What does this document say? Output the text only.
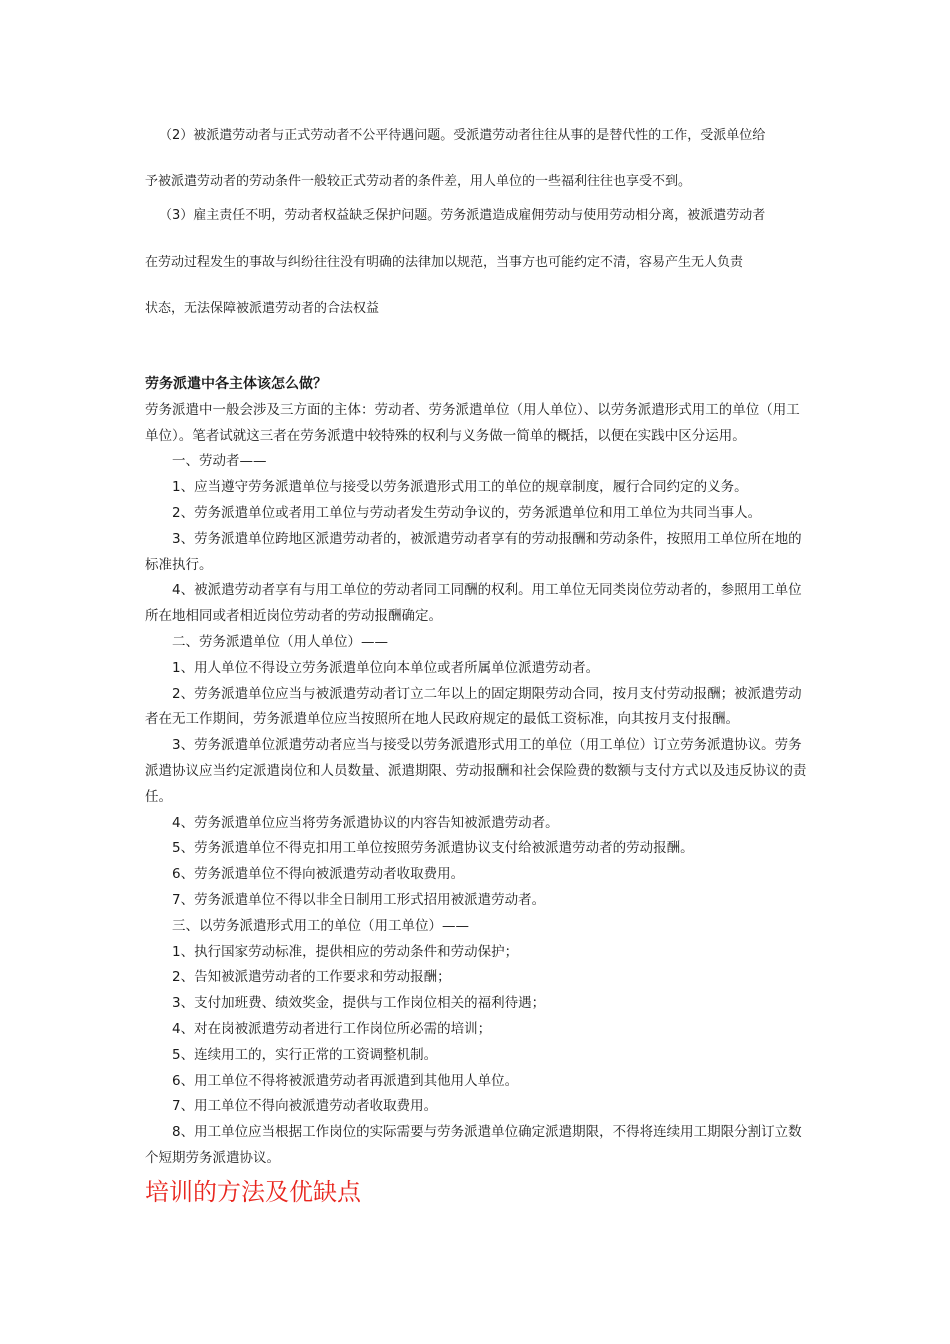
（2）被派遣劳动者与正式劳动者不公平待遇问题。受派遣劳动者往往从事的是替代性的工作，受派单位给

予被派遣劳动者的劳动条件一般较正式劳动者的条件差，用人单位的一些福利往往也享受不到。

（3）雇主责任不明，劳动者权益缺乏保护问题。劳务派遣造成雇佣劳动与使用劳动相分离，被派遣劳动者

在劳动过程发生的事故与纠纷往往没有明确的法律加以规范，当事方也可能约定不清，容易产生无人负责

状态，无法保障被派遣劳动者的合法权益

劳务派遣中各主体该怎么做？

劳务派遣中一般会涉及三方面的主体：劳动者、劳务派遣单位（用人单位）、以劳务派遣形式用工的单位（用工单位）。笔者试就这三者在劳务派遣中较特殊的权利与义务做一简单的概括，以便在实践中区分运用。

一、劳动者——

1、应当遵守劳务派遣单位与接受以劳务派遣形式用工的单位的规章制度，履行合同约定的义务。

2、劳务派遣单位或者用工单位与劳动者发生劳动争议的，劳务派遣单位和用工单位为共同当事人。

3、劳务派遣单位跨地区派遣劳动者的，被派遣劳动者享有的劳动报酬和劳动条件，按照用工单位所在地的标准执行。

4、被派遣劳动者享有与用工单位的劳动者同工同酬的权利。用工单位无同类岗位劳动者的，参照用工单位所在地相同或者相近岗位劳动者的劳动报酬确定。

二、劳务派遣单位（用人单位）——

1、用人单位不得设立劳务派遣单位向本单位或者所属单位派遣劳动者。

2、劳务派遣单位应当与被派遣劳动者订立二年以上的固定期限劳动合同，按月支付劳动报酬；被派遣劳动者在无工作期间，劳务派遣单位应当按照所在地人民政府规定的最低工资标准，向其按月支付报酬。

3、劳务派遣单位派遣劳动者应当与接受以劳务派遣形式用工的单位（用工单位）订立劳务派遣协议。劳务派遣协议应当约定派遣岗位和人员数量、派遣期限、劳动报酬和社会保险费的数额与支付方式以及违反协议的责任。

4、劳务派遣单位应当将劳务派遣协议的内容告知被派遣劳动者。

5、劳务派遣单位不得克扣用工单位按照劳务派遣协议支付给被派遣劳动者的劳动报酬。

6、劳务派遣单位不得向被派遣劳动者收取费用。

7、劳务派遣单位不得以非全日制用工形式招用被派遣劳动者。

三、以劳务派遣形式用工的单位（用工单位）——

1、执行国家劳动标准，提供相应的劳动条件和劳动保护；

2、告知被派遣劳动者的工作要求和劳动报酬；

3、支付加班费、绩效奖金，提供与工作岗位相关的福利待遇；

4、对在岗被派遣劳动者进行工作岗位所必需的培训；

5、连续用工的，实行正常的工资调整机制。

6、用工单位不得将被派遣劳动者再派遣到其他用人单位。

7、用工单位不得向被派遣劳动者收取费用。

8、用工单位应当根据工作岗位的实际需要与劳务派遣单位确定派遣期限，不得将连续用工期限分割订立数个短期劳务派遣协议。

培训的方法及优缺点
